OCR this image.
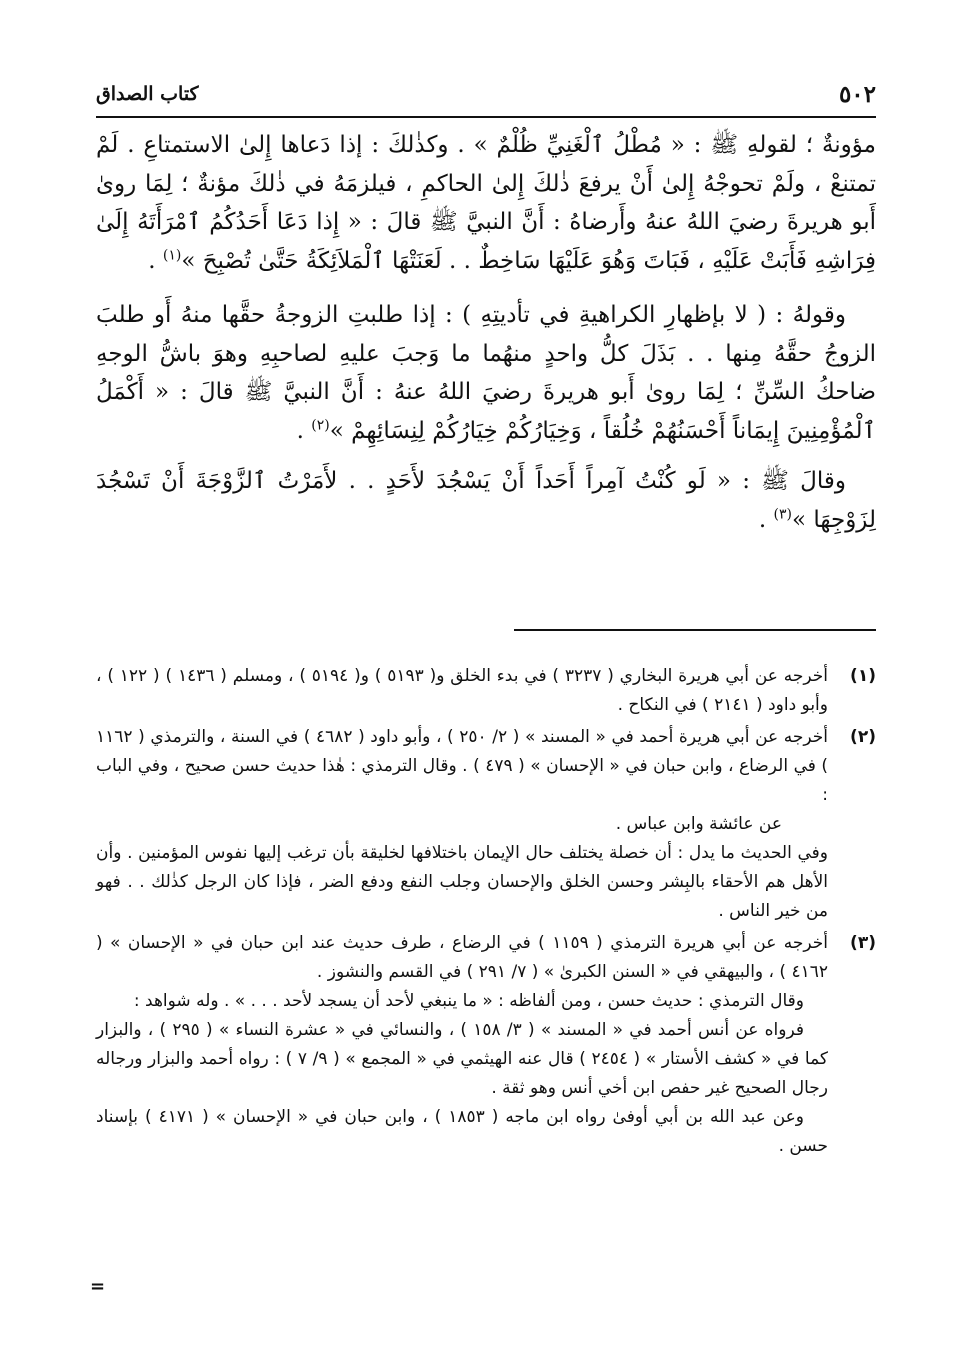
٥٠٢
كتاب الصداق

مؤونةٌ ؛ لقولهِ ﷺ : « مُطْلُ ٱلْغَنِيِّ ظُلْمٌ » . وكذٰلكَ : إذا دَعاها إِلىٰ الاستمتاعِ . لَمْ تمتنعْ ، ولَمْ تحوجْهُ إِلىٰ أَنْ يرفعَ ذٰلكَ إِلىٰ الحاكمِ ، فيلزمَهُ في ذٰلكَ مؤنةٌ ؛ لِمَا روىٰ أَبو هريرةَ رضيَ اللهُ عنهُ وأَرضاهُ : أَنَّ النبيَّ ﷺ قالَ : « إِذا دَعَا أَحَدُكُمُ ٱمْرَأَتَهُ إِلَىٰ فِرَاشِهِ فَأَبَتْ عَلَيْهِ ، فَبَاتَ وَهُوَ عَلَيْهَا سَاخِطٌ . . لَعَنَتْهَا ٱلْمَلاَئِكَةُ حَتَّىٰ تُصْبِحَ »$^{(١)}$ .

وقولهُ : ( لا بإظهارِ الكراهيةِ في تأديتِهِ ) : إذا طلبتِ الزوجةُ حقَّها منهُ أَو طلبَ الزوجُ حقَّهُ مِنها . . بَذَلَ كلُّ واحدٍ منهُما ما وَجبَ عليهِ لصاحبِهِ وهوَ باشُّ الوجهِ ضاحكُ السِّنِّ ؛ لِمَا روىٰ أَبو هريرةَ رضيَ اللهُ عنهُ : أَنَّ النبيَّ ﷺ قالَ : « أَكْمَلُ ٱلْمُؤْمِنِينَ إِيمَاناً أَحْسَنُهُمْ خُلُقاً ، وَخِيَارُكُمْ خِيَارُكُمْ لِنِسَائِهِمْ »$^{(٢)}$ .

وقالَ ﷺ : « لَو كُنْتُ آمِراً أَحَداً أَنْ يَسْجُدَ لأَحَدٍ . . لأَمَرْتُ ٱلزَّوْجَةَ أَنْ تَسْجُدَ لِزَوْجِهَا »$^{(٣)}$ .

(١)

أخرجه عن أبي هريرة البخاري ( ٣٢٣٧ ) في بدء الخلق و( ٥١٩٣ ) و( ٥١٩٤ ) ، ومسلم ( ١٤٣٦ ) ( ١٢٢ ) ، وأبو داود ( ٢١٤١ ) في النكاح .

(٢)

أخرجه عن أبي هريرة أحمد في « المسند » ( ٢/ ٢٥٠ ) ، وأبو داود ( ٤٦٨٢ ) في السنة ، والترمذي ( ١١٦٢ ) في الرضاع ، وابن حبان في « الإحسان » ( ٤٧٩ ) . وقال الترمذي : هٰذا حديث حسن صحيح ، وفي الباب :

عن عائشة وابن عباس .

وفي الحديث ما يدل : أن خصلة يختلف حال الإيمان باختلافها لخليقة بأن ترغب إليها نفوس المؤمنين . وأن الأهل هم الأحقاء بالبِشر وحسن الخلق والإحسان وجلب النفع ودفع الضر ، فإذا كان الرجل كذٰلك . . فهو من خير الناس .

(٣)

أخرجه عن أبي هريرة الترمذي ( ١١٥٩ ) في الرضاع ، طرف حديث عند ابن حبان في « الإحسان » ( ٤١٦٢ ) ، والبيهقي في « السنن الكبرىٰ » ( ٧/ ٢٩١ ) في القسم والنشوز .

وقال الترمذي : حديث حسن ، ومن ألفاظه : « ما ينبغي لأحد أن يسجد لأحد . . . » . وله شواهد :

فرواه عن أنس أحمد في « المسند » ( ٣/ ١٥٨ ) ، والنسائي في « عشرة النساء » ( ٢٩٥ ) ، والبزار كما في « كشف الأستار » ( ٢٤٥٤ ) قال عنه الهيثمي في « المجمع » ( ٩/ ٧ ) : رواه أحمد والبزار ورجاله رجال الصحيح غير حفص ابن أخي أنس وهو ثقة .

وعن عبد الله بن أبي أوفىٰ رواه ابن ماجه ( ١٨٥٣ ) ، وابن حبان في « الإحسان » ( ٤١٧١ ) بإسناد حسن .

=
